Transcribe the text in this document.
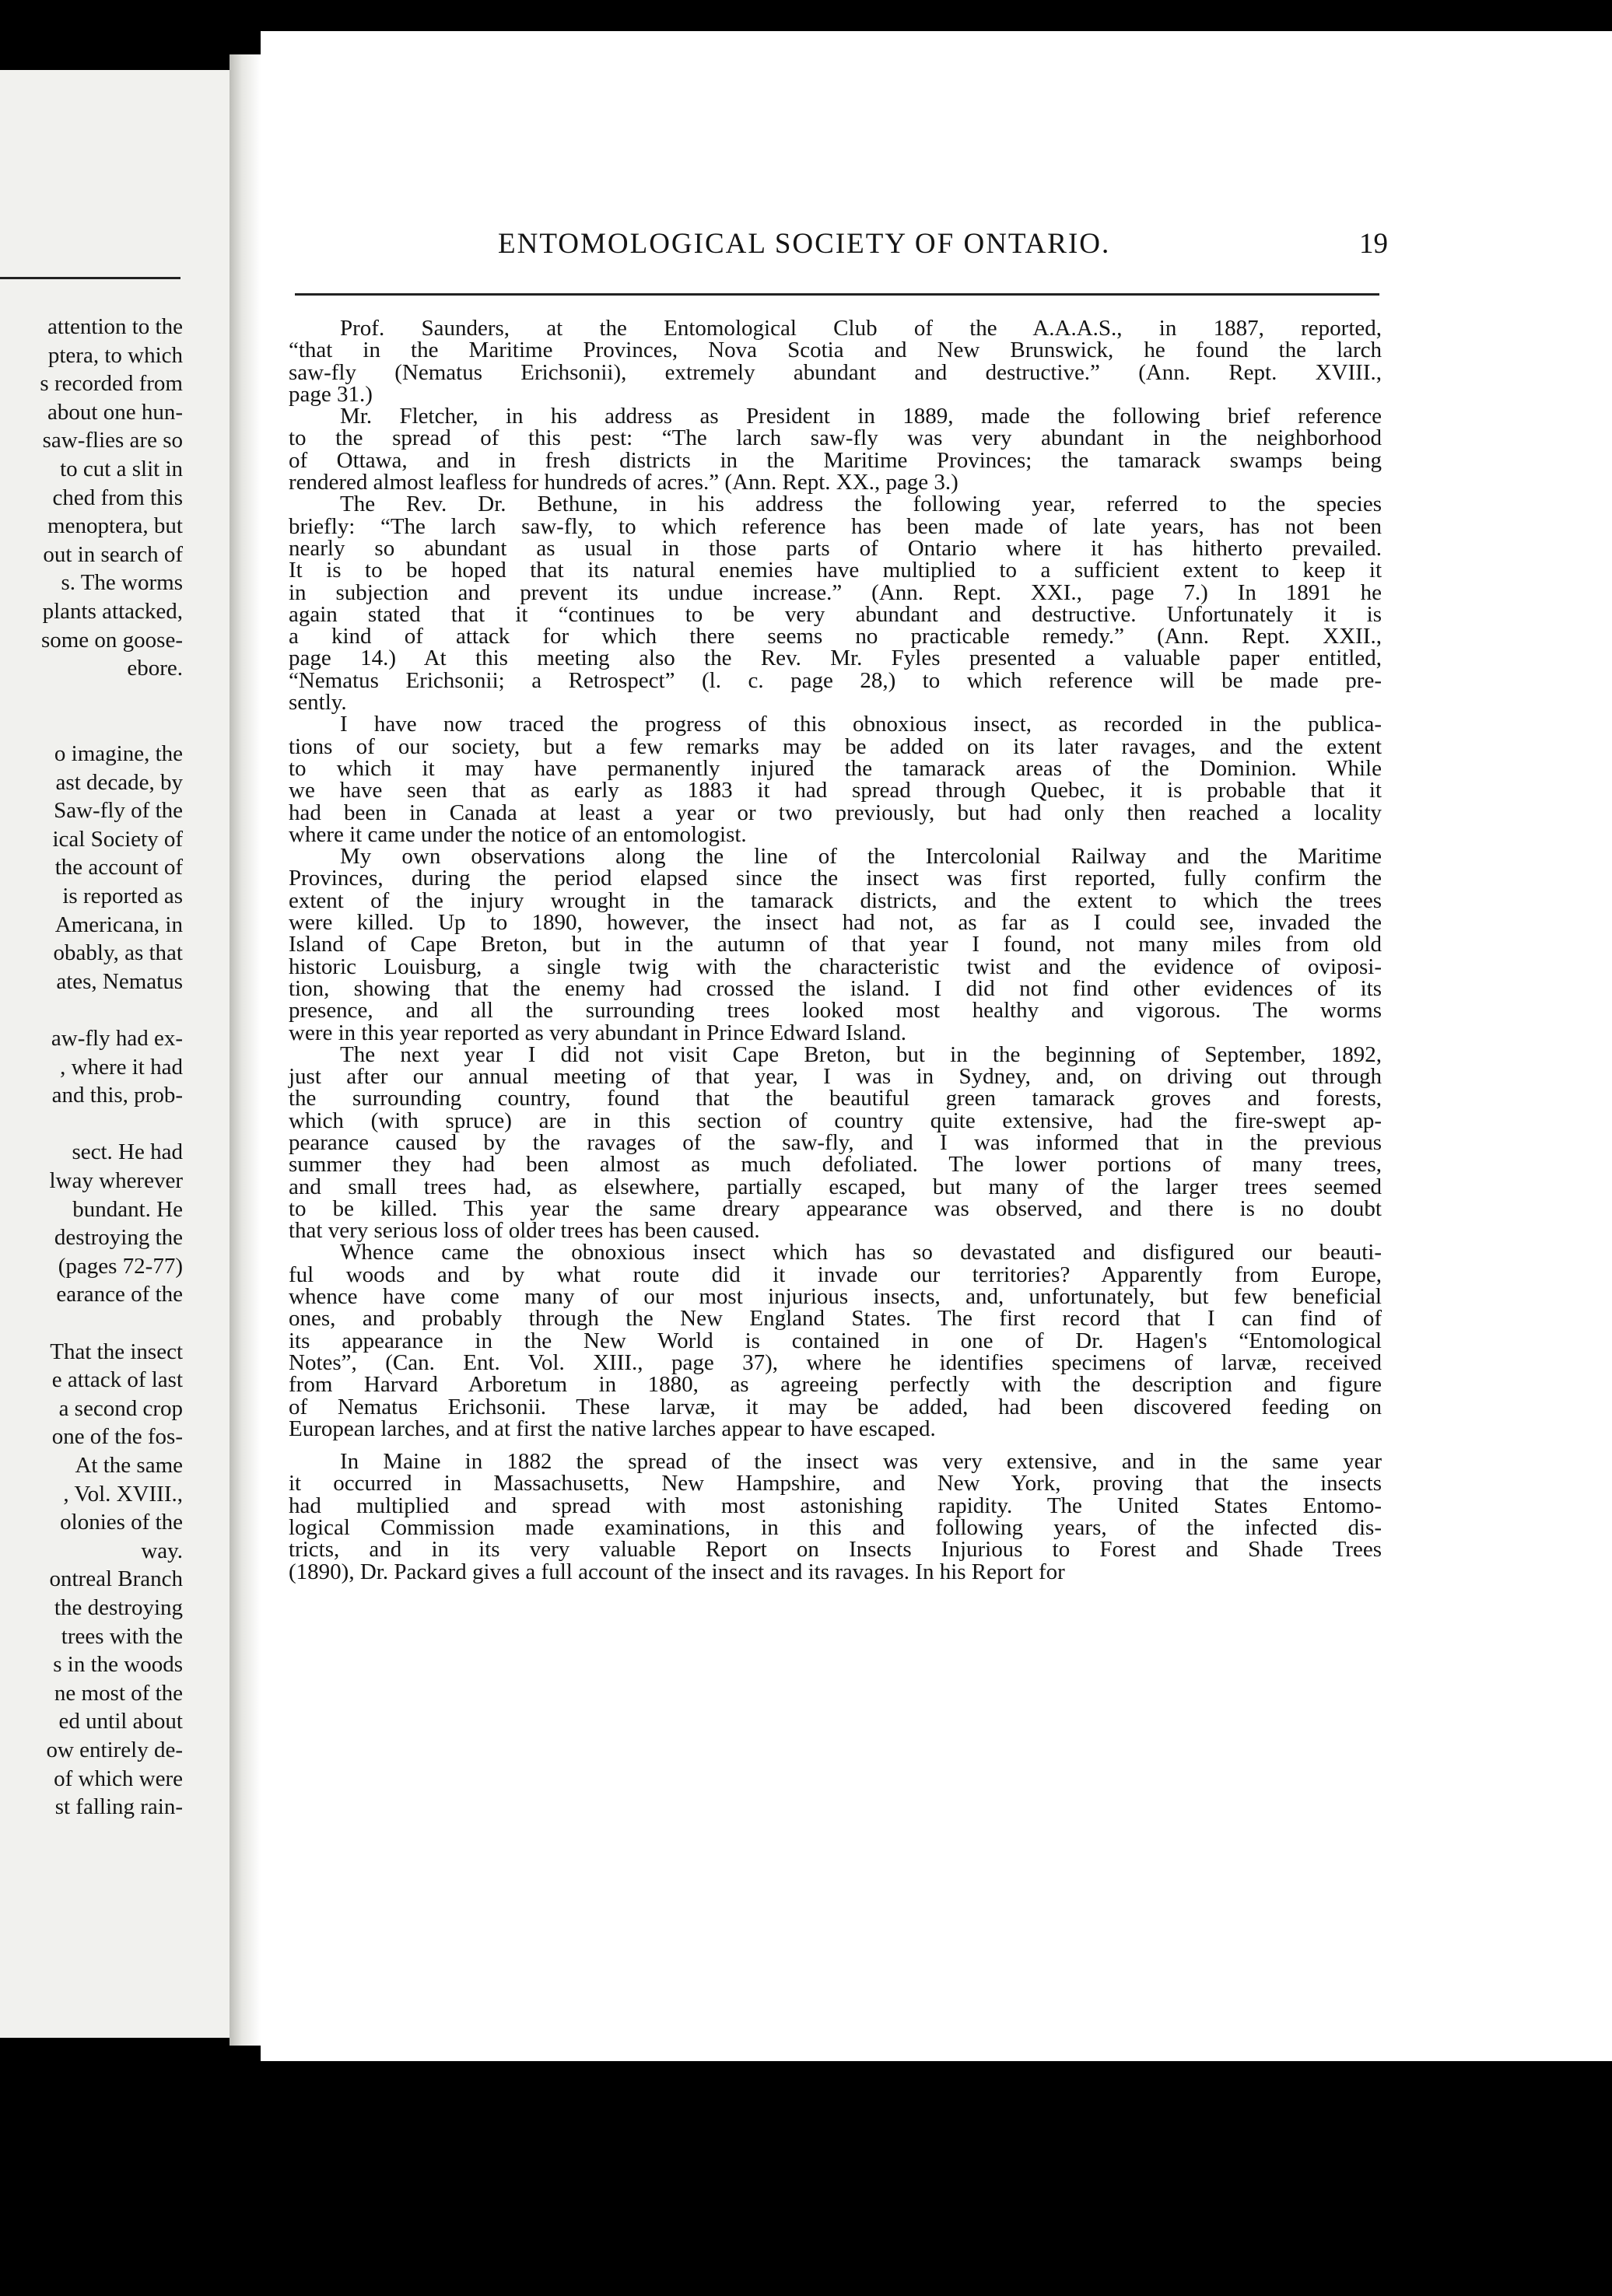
attention to the
ptera, to which
s recorded from
about one hun-
saw-flies are so
to cut a slit in
ched from this
menoptera, but
out in search of
s. The worms
plants attacked,
some on goose-
ebore.
o imagine, the
ast decade, by
Saw-fly of the
ical Society of
the account of
is reported as
Americana, in
obably, as that
ates, Nematus
aw-fly had ex-
, where it had
and this, prob-
sect. He had
lway wherever
bundant. He
destroying the
(pages 72-77)
earance of the
That the insect
e attack of last
a second crop
one of the fos-
At the same
, Vol. XVIII.,
olonies of the
way.
ontreal Branch
the destroying
trees with the
s in the woods
ne most of the
ed until about
ow entirely de-
of which were
st falling rain-
ENTOMOLOGICAL SOCIETY OF ONTARIO.	19
Prof. Saunders, at the Entomological Club of the A.A.A.S., in 1887, reported,
“that in the Maritime Provinces, Nova Scotia and New Brunswick, he found the larch
saw-fly (Nematus Erichsonii), extremely abundant and destructive.” (Ann. Rept. XVIII.,
page 31.)
Mr. Fletcher, in his address as President in 1889, made the following brief reference
to the spread of this pest: “The larch saw-fly was very abundant in the neighborhood
of Ottawa, and in fresh districts in the Maritime Provinces; the tamarack swamps being
rendered almost leafless for hundreds of acres.” (Ann. Rept. XX., page 3.)
The Rev. Dr. Bethune, in his address the following year, referred to the species
briefly: “The larch saw-fly, to which reference has been made of late years, has not been
nearly so abundant as usual in those parts of Ontario where it has hitherto prevailed.
It is to be hoped that its natural enemies have multiplied to a sufficient extent to keep it
in subjection and prevent its undue increase.” (Ann. Rept. XXI., page 7.) In 1891 he
again stated that it “continues to be very abundant and destructive. Unfortunately it is
a kind of attack for which there seems no practicable remedy.” (Ann. Rept. XXII.,
page 14.) At this meeting also the Rev. Mr. Fyles presented a valuable paper entitled,
“Nematus Erichsonii; a Retrospect” (l. c. page 28,) to which reference will be made pre-
sently.
I have now traced the progress of this obnoxious insect, as recorded in the publica-
tions of our society, but a few remarks may be added on its later ravages, and the extent
to which it may have permanently injured the tamarack areas of the Dominion. While
we have seen that as early as 1883 it had spread through Quebec, it is probable that it
had been in Canada at least a year or two previously, but had only then reached a locality
where it came under the notice of an entomologist.
My own observations along the line of the Intercolonial Railway and the Maritime
Provinces, during the period elapsed since the insect was first reported, fully confirm the
extent of the injury wrought in the tamarack districts, and the extent to which the trees
were killed. Up to 1890, however, the insect had not, as far as I could see, invaded the
Island of Cape Breton, but in the autumn of that year I found, not many miles from old
historic Louisburg, a single twig with the characteristic twist and the evidence of oviposi-
tion, showing that the enemy had crossed the island. I did not find other evidences of its
presence, and all the surrounding trees looked most healthy and vigorous. The worms
were in this year reported as very abundant in Prince Edward Island.
The next year I did not visit Cape Breton, but in the beginning of September, 1892,
just after our annual meeting of that year, I was in Sydney, and, on driving out through
the surrounding country, found that the beautiful green tamarack groves and forests,
which (with spruce) are in this section of country quite extensive, had the fire-swept ap-
pearance caused by the ravages of the saw-fly, and I was informed that in the previous
summer they had been almost as much defoliated. The lower portions of many trees,
and small trees had, as elsewhere, partially escaped, but many of the larger trees seemed
to be killed. This year the same dreary appearance was observed, and there is no doubt
that very serious loss of older trees has been caused.
Whence came the obnoxious insect which has so devastated and disfigured our beauti-
ful woods and by what route did it invade our territories? Apparently from Europe,
whence have come many of our most injurious insects, and, unfortunately, but few beneficial
ones, and probably through the New England States. The first record that I can find of
its appearance in the New World is contained in one of Dr. Hagen's “Entomological
Notes”, (Can. Ent. Vol. XIII., page 37), where he identifies specimens of larvæ, received
from Harvard Arboretum in 1880, as agreeing perfectly with the description and figure
of Nematus Erichsonii. These larvæ, it may be added, had been discovered feeding on
European larches, and at first the native larches appear to have escaped.
In Maine in 1882 the spread of the insect was very extensive, and in the same year
it occurred in Massachusetts, New Hampshire, and New York, proving that the insects
had multiplied and spread with most astonishing rapidity. The United States Entomo-
logical Commission made examinations, in this and following years, of the infected dis-
tricts, and in its very valuable Report on Insects Injurious to Forest and Shade Trees
(1890), Dr. Packard gives a full account of the insect and its ravages. In his Report for
